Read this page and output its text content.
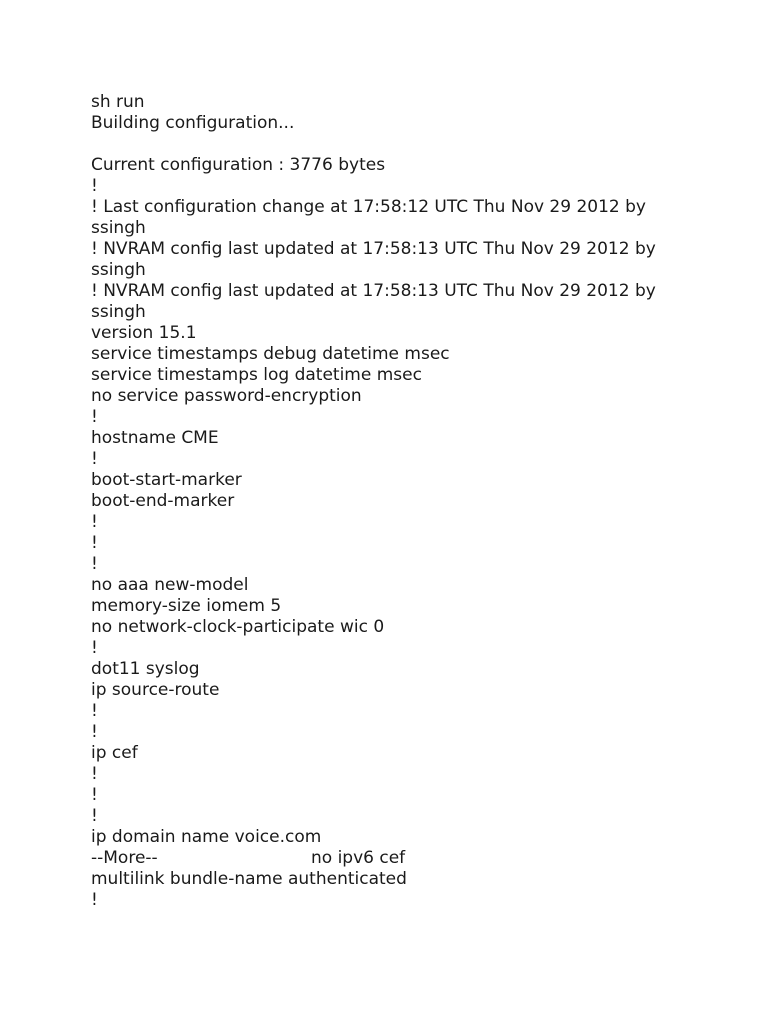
sh run
Building configuration...
Current configuration : 3776 bytes
!
! Last configuration change at 17:58:12 UTC Thu Nov 29 2012 by
ssingh
! NVRAM config last updated at 17:58:13 UTC Thu Nov 29 2012 by
ssingh
! NVRAM config last updated at 17:58:13 UTC Thu Nov 29 2012 by
ssingh
version 15.1
service timestamps debug datetime msec
service timestamps log datetime msec
no service password-encryption
!
hostname CME
!
boot-start-marker
boot-end-marker
!
!
!
no aaa new-model
memory-size iomem 5
no network-clock-participate wic 0
!
dot11 syslog
ip source-route
!
!
ip cef
!
!
!
ip domain name voice.com
--More--	no ipv6 cef
multilink bundle-name authenticated
!
